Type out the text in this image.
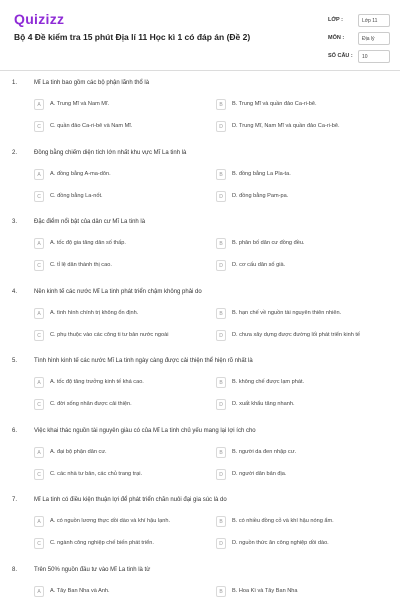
Quizizz
Bộ 4 Đề kiểm tra 15 phút Địa lí 11 Học kì 1 có đáp án (Đề 2)
LỚP :	Lớp 11
MÔN :	Địa lý
SỐ CÂU :	10
1.	Mĩ La tinh bao gồm các bộ phận lãnh thổ là
A	A. Trung Mĩ và Nam Mĩ.	B	B. Trung Mĩ và quần đảo Ca-ri-bê.
C	C. quần đảo Ca-ri-bê và Nam Mĩ.	D	D. Trung Mĩ, Nam Mĩ và quần đảo Ca-ri-bê.
2.	Đồng bằng chiếm diện tích lớn nhất khu vực Mĩ La tinh là
A	A. đồng bằng A-ma-dôn.	B	B. đồng bằng La Pla-ta.
C	C. đồng bằng La-nốt.	D	D. đồng bằng Pam-pa.
3.	Đặc điểm nổi bật của dân cư Mĩ La tinh là
A	A. tốc độ gia tăng dân số thấp.	B	B. phân bố dân cư đồng đều.
C	C. tỉ lệ dân thành thị cao.	D	D. cơ cấu dân số già.
4.	Nền kinh tế các nước Mĩ La tinh phát triển chậm không phải do
A	A. tình hình chính trị không ổn định.	B	B. hạn chế về nguồn tài nguyên thiên nhiên.
C	C. phụ thuộc vào các công ti tư bản nước ngoài	D	D. chưa xây dựng được đường lối phát triển kinh tế
5.	Tình hình kinh tế các nước Mĩ La tinh ngày càng được cải thiện thể hiện rõ nhất là
A	A. tốc độ tăng trưởng kinh tế khá cao.	B	B. không chế được lạm phát.
C	C. đời sống nhân được cải thiện.	D	D. xuất khẩu tăng nhanh.
6.	Việc khai thác nguồn tài nguyên giàu có của Mĩ La tinh chủ yếu mang lại lợi ích cho
A	A. đại bộ phận dân cư.	B	B. người da đen nhập cư.
C	C. các nhà tư bản, các chủ trang trại.	D	D. người dân bản địa.
7.	Mĩ La tinh có điều kiện thuận lợi để phát triển chăn nuôi đại gia súc là do
A	A. có nguồn lương thực dồi dào và khí hậu lạnh.	B	B. có nhiều đồng cỏ và khí hậu nóng ẩm.
C	C. ngành công nghiệp chế biến phát triển.	D	D. nguồn thức ăn công nghiệp dồi dào.
8.	Trên 50% nguồn đầu tư vào Mĩ La tinh là từ
A	A. Tây Ban Nha và Anh.	B	B. Hoa Kì và Tây Ban Nha
